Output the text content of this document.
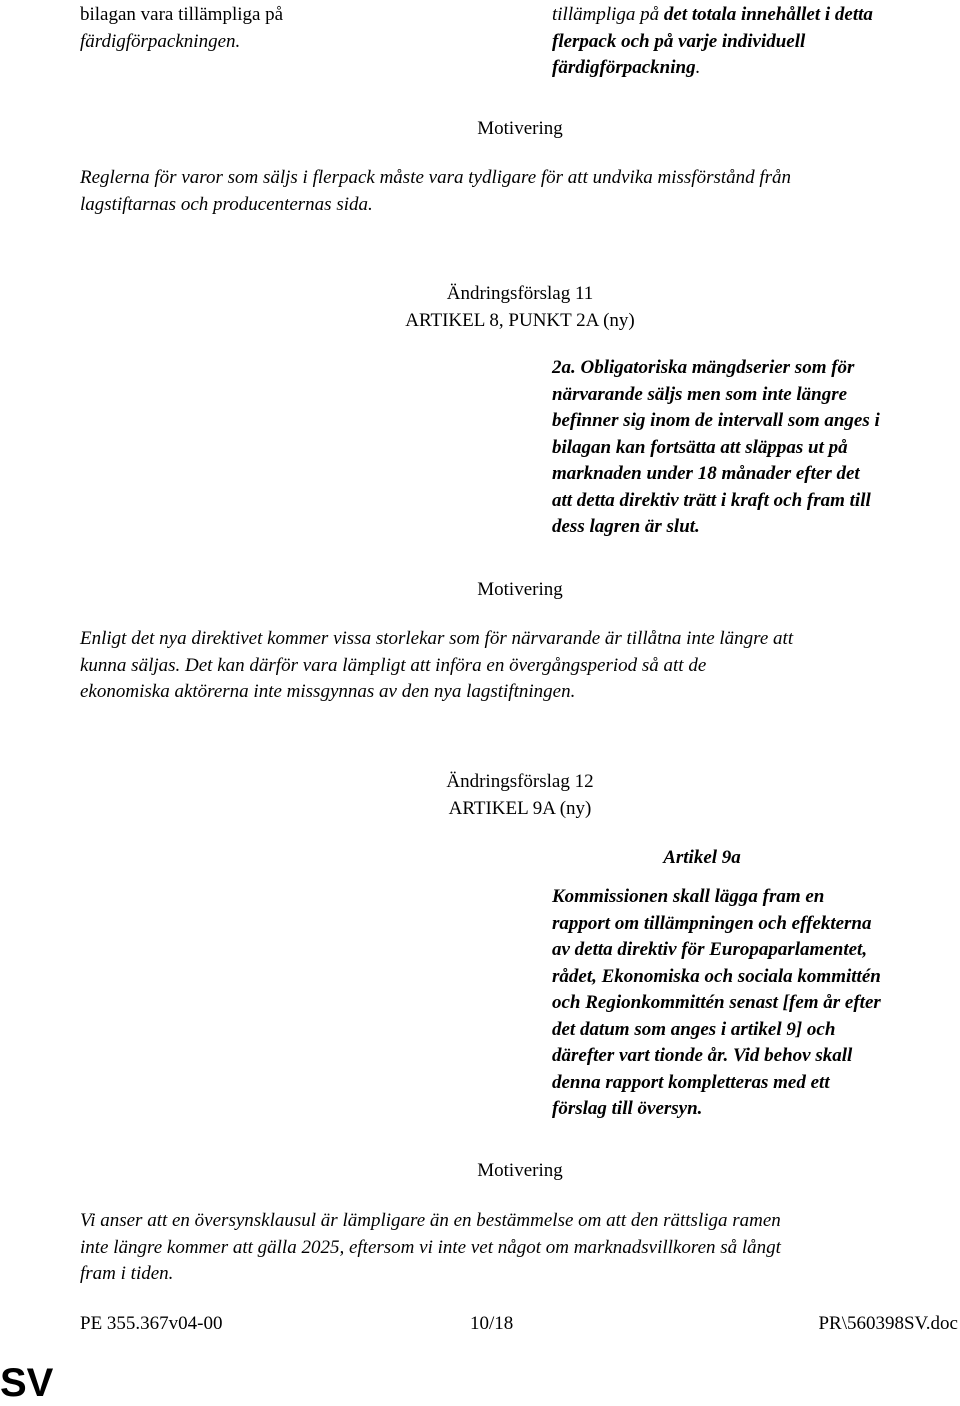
bilagan vara tillämpliga på
färdigförpackningen.
tillämpliga på det totala innehållet i detta
flerpack och på varje individuell
färdigförpackning.
Motivering
Reglerna för varor som säljs i flerpack måste vara tydligare för att undvika missförstånd från
lagstiftarnas och producenternas sida.
Ändringsförslag 11
ARTIKEL 8, PUNKT 2A (ny)
2a. Obligatoriska mängdserier som för
närvarande säljs men som inte längre
befinner sig inom de intervall som anges i
bilagan kan fortsätta att släppas ut på
marknaden under 18 månader efter det
att detta direktiv trätt i kraft och fram till
dess lagren är slut.
Motivering
Enligt det nya direktivet kommer vissa storlekar som för närvarande är tillåtna inte längre att
kunna säljas. Det kan därför vara lämpligt att införa en övergångsperiod så att de
ekonomiska aktörerna inte missgynnas av den nya lagstiftningen.
Ändringsförslag 12
ARTIKEL 9A (ny)
Artikel 9a
Kommissionen skall lägga fram en
rapport om tillämpningen och effekterna
av detta direktiv för Europaparlamentet,
rådet, Ekonomiska och sociala kommittén
och Regionkommittén senast [fem år efter
det datum som anges i artikel 9] och
därefter vart tionde år. Vid behov skall
denna rapport kompletteras med ett
förslag till översyn.
Motivering
Vi anser att en översynsklausul är lämpligare än en bestämmelse om att den rättsliga ramen
inte längre kommer att gälla 2025, eftersom vi inte vet något om marknadsvillkoren så långt
fram i tiden.
PE 355.367v04-00	10/18	PR\560398SV.doc
SV
